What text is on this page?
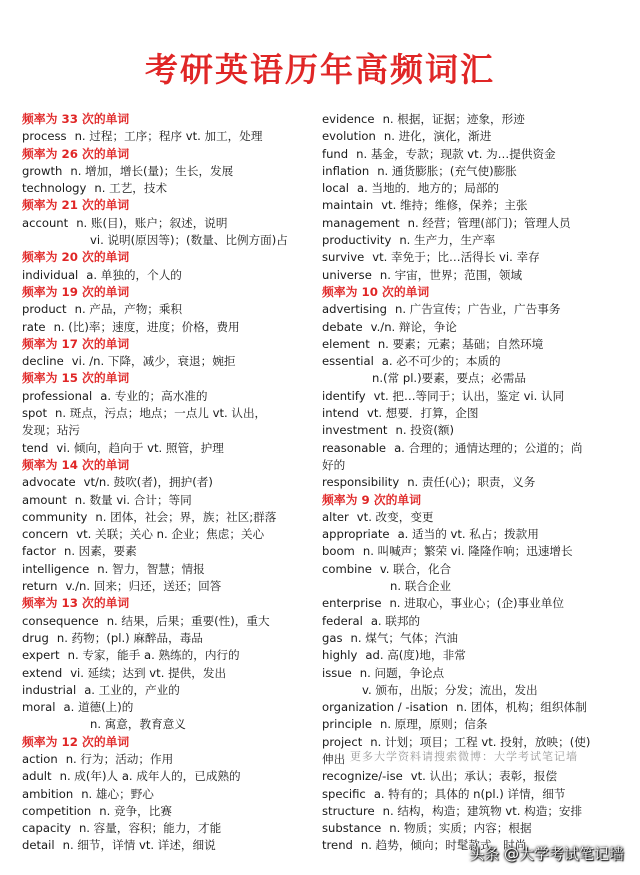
考研英语历年高频词汇
频率为 33 次的单词
process n. 过程；工序；程序 vt. 加工，处理
频率为 26 次的单词
growth n. 增加，增长(量)；生长，发展
technology n. 工艺，技术
频率为 21 次的单词
account n. 账(目)，账户；叙述，说明
vi. 说明(原因等)；(数量、比例方面)占
频率为 20 次的单词
individual a. 单独的，个人的
频率为 19 次的单词
product n. 产品，产物；乘积
rate n. (比)率；速度，进度；价格，费用
频率为 17 次的单词
decline vi. /n. 下降，减少，衰退；婉拒
频率为 15 次的单词
professional a. 专业的；高水准的
spot n. 斑点，污点；地点；一点儿 vt. 认出，
发现；玷污
tend vi. 倾向，趋向于 vt. 照管，护理
频率为 14 次的单词
advocate vt/n. 鼓吹(者)，拥护(者)
amount n. 数量 vi. 合计；等同
community n. 团体，社会；界，族；社区;群落
concern vt. 关联；关心 n. 企业；焦虑；关心
factor n. 因素，要素
intelligence n. 智力，智慧；情报
return v./n. 回来；归还，送还；回答
频率为 13 次的单词
consequence n. 结果，后果；重要(性)，重大
drug n. 药物；(pl.) 麻醉品，毒品
expert n. 专家，能手 a. 熟练的，内行的
extend vi. 延续；达到 vt. 提供，发出
industrial a. 工业的，产业的
moral a. 道德(上)的
n. 寓意，教育意义
频率为 12 次的单词
action n. 行为；活动；作用
adult n. 成(年)人 a. 成年人的，已成熟的
ambition n. 雄心；野心
competition n. 竞争，比赛
capacity n. 容量，容积；能力，才能
detail n. 细节，详情 vt. 详述，细说
evidence n. 根据，证据；迹象，形迹
evolution n. 进化，演化，渐进
fund n. 基金，专款；现款 vt. 为…提供资金
inflation n. 通货膨胀；(充气使)膨胀
local a. 当地的．地方的；局部的
maintain vt. 维持；维修，保养；主张
management n. 经营；管理(部门)；管理人员
productivity n. 生产力，生产率
survive vt. 幸免于；比…活得长 vi. 幸存
universe n. 宇宙，世界；范围，领域
频率为 10 次的单词
advertising n. 广告宣传；广告业，广告事务
debate v./n. 辩论，争论
element n. 要素；元素；基础；自然环境
essential a. 必不可少的；本质的
n.(常 pl.)要素，要点；必需品
identify vt. 把…等同于；认出，鉴定 vi. 认同
intend vt. 想要．打算，企图
investment n. 投资(额)
reasonable a. 合理的；通情达理的；公道的；尚
好的
responsibility n. 责任(心)；职责，义务
频率为 9 次的单词
alter vt. 改变，变更
appropriate a. 适当的 vt. 私占；拨款用
boom n. 叫喊声；繁荣 vi. 隆隆作响；迅速增长
combine v. 联合，化合
n. 联合企业
enterprise n. 进取心，事业心；(企)事业单位
federal a. 联邦的
gas n. 煤气；气体；汽油
highly ad. 高(度)地，非常
issue n. 问题，争论点
v. 颁布，出版；分发；流出，发出
organization / -isation n. 团体，机构；组织体制
principle n. 原理，原则；信条
project n. 计划；项目；工程 vt. 投射，放映；(使)
伸出
recognize/-ise vt. 认出；承认；表彰，报偿
specific a. 特有的；具体的 n(pl.) 详情，细节
structure n. 结构，构造；建筑物 vt. 构造；安排
substance n. 物质；实质；内容；根据
trend n. 趋势，倾向；时髦款式，时尚
更多大学资料请搜索微博：大学考试笔记墙
头条 @大学考试笔记墙
